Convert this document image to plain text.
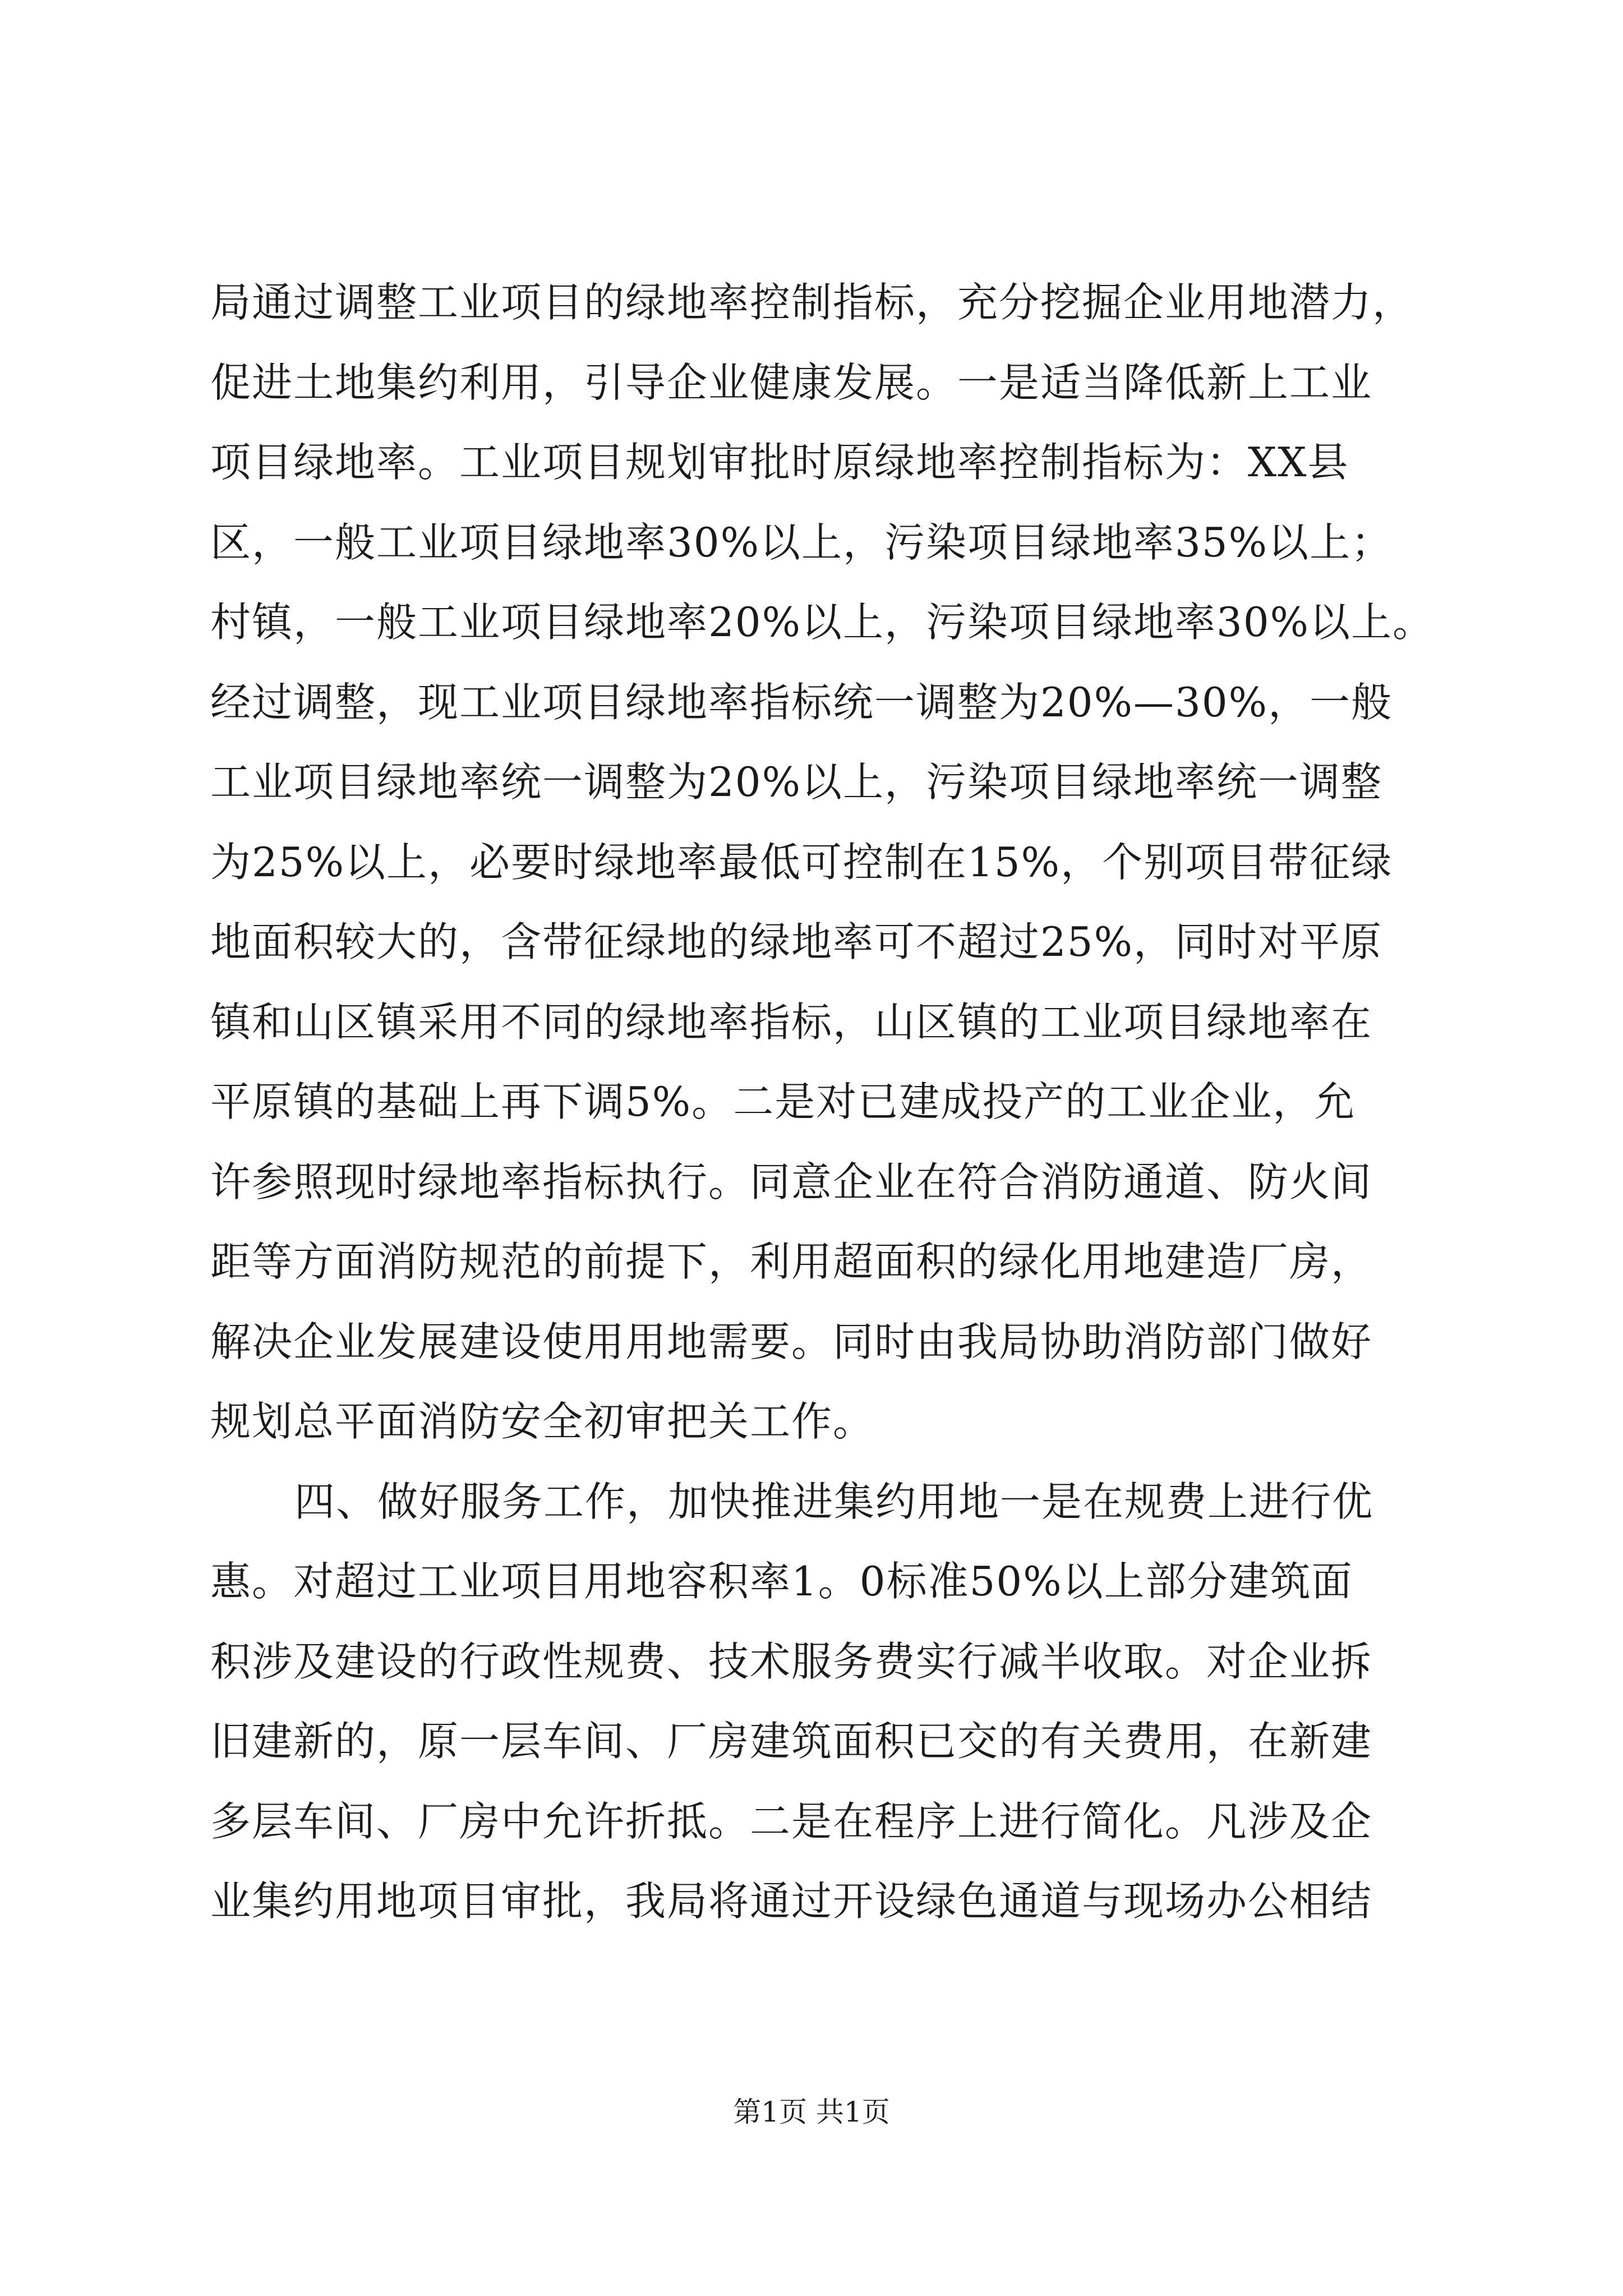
局通过调整工业项目的绿地率控制指标，充分挖掘企业用地潜力，
促进土地集约利用，引导企业健康发展。一是适当降低新上工业
项目绿地率。工业项目规划审批时原绿地率控制指标为：XX县
区，一般工业项目绿地率30%以上，污染项目绿地率35%以上；
村镇，一般工业项目绿地率20%以上，污染项目绿地率30%以上。
经过调整，现工业项目绿地率指标统一调整为20%—30%，一般
工业项目绿地率统一调整为20%以上，污染项目绿地率统一调整
为25%以上，必要时绿地率最低可控制在15%，个别项目带征绿
地面积较大的，含带征绿地的绿地率可不超过25%，同时对平原
镇和山区镇采用不同的绿地率指标，山区镇的工业项目绿地率在
平原镇的基础上再下调5%。二是对已建成投产的工业企业，允
许参照现时绿地率指标执行。同意企业在符合消防通道、防火间
距等方面消防规范的前提下，利用超面积的绿化用地建造厂房，
解决企业发展建设使用用地需要。同时由我局协助消防部门做好
规划总平面消防安全初审把关工作。
四、做好服务工作，加快推进集约用地一是在规费上进行优
惠。对超过工业项目用地容积率1。0标准50%以上部分建筑面
积涉及建设的行政性规费、技术服务费实行减半收取。对企业拆
旧建新的，原一层车间、厂房建筑面积已交的有关费用，在新建
多层车间、厂房中允许折抵。二是在程序上进行简化。凡涉及企
业集约用地项目审批，我局将通过开设绿色通道与现场办公相结
第1页 共1页
